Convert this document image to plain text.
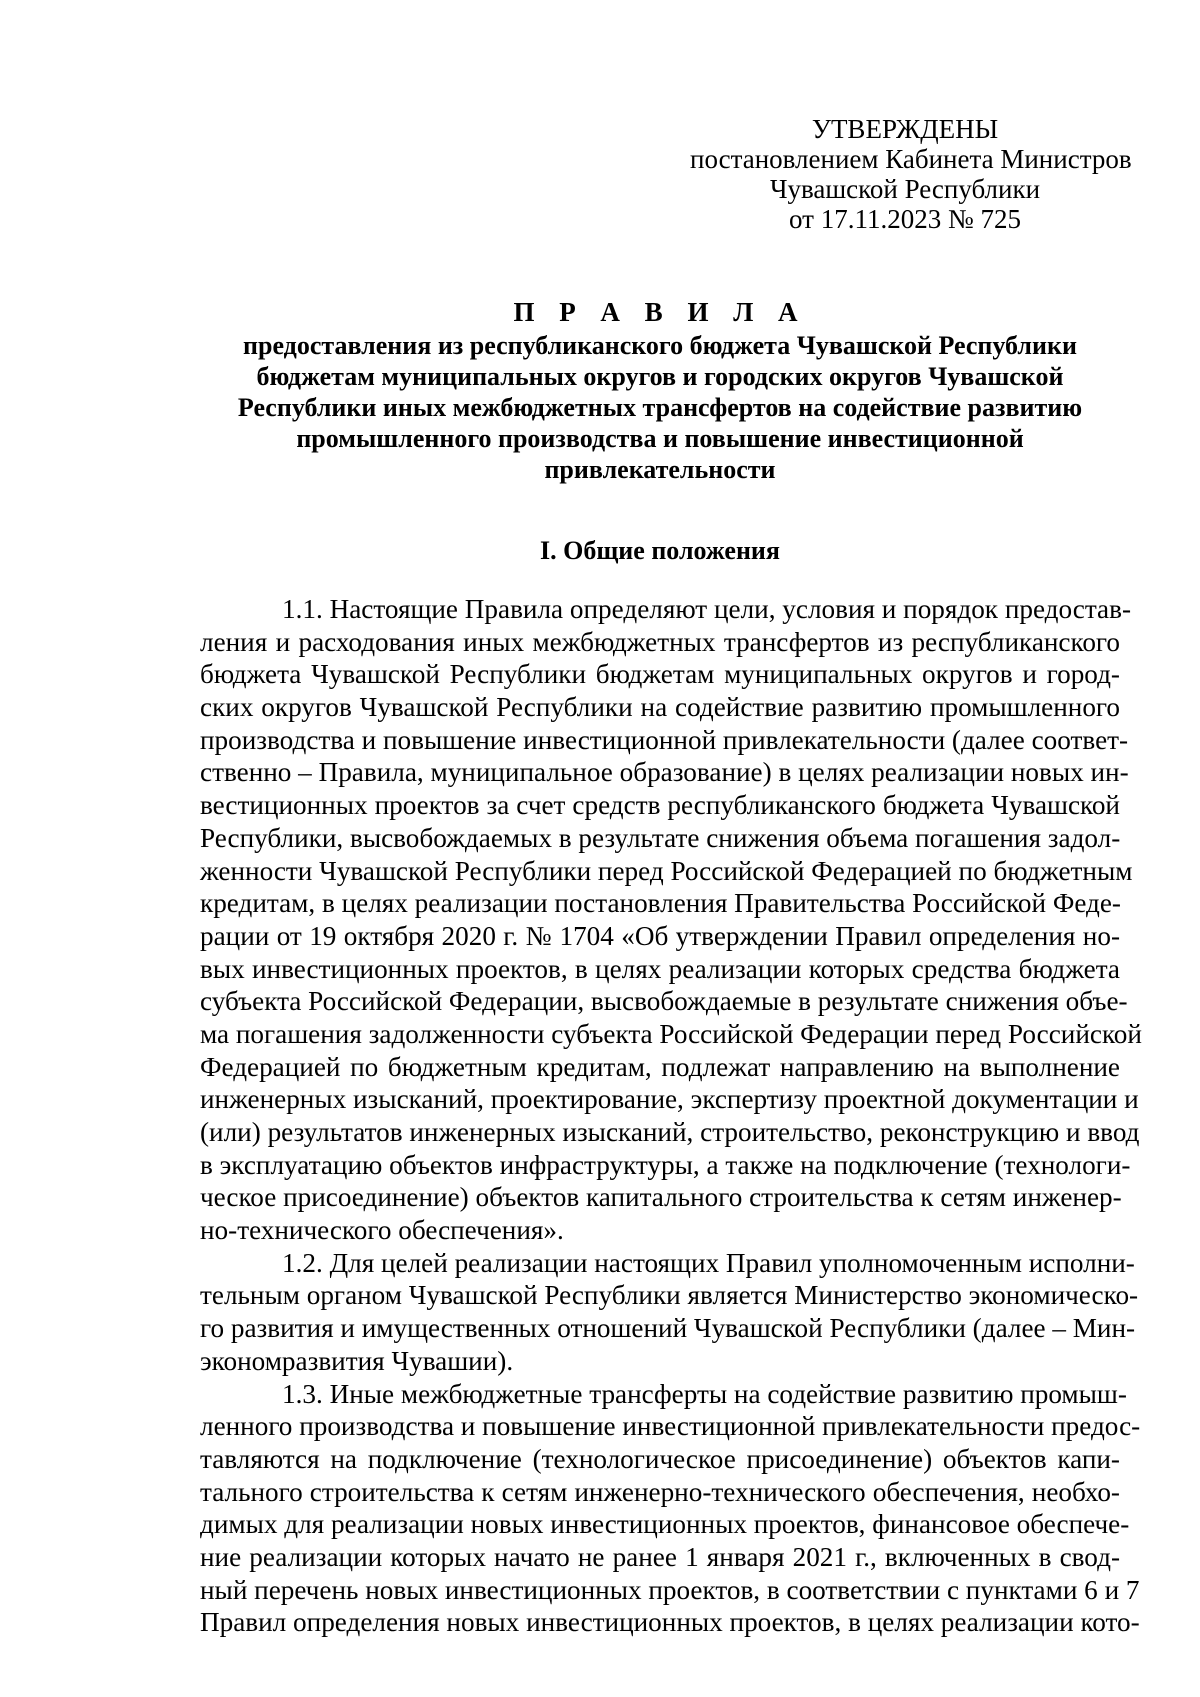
УТВЕРЖДЕНЫ
постановлением Кабинета Министров
Чувашской Республики
от 17.11.2023 № 725
П Р А В И Л А
предоставления из республиканского бюджета Чувашской Республики
бюджетам муниципальных округов и городских округов Чувашской
Республики иных межбюджетных трансфертов на содействие развитию
промышленного производства и повышение инвестиционной
привлекательности
I. Общие положения
1.1. Настоящие Правила определяют цели, условия и порядок предостав-
ления и расходования иных межбюджетных трансфертов из республиканского
бюджета Чувашской Республики бюджетам муниципальных округов и город-
ских округов Чувашской Республики на содействие развитию промышленного
производства и повышение инвестиционной привлекательности (далее соответ-
ственно – Правила, муниципальное образование) в целях реализации новых ин-
вестиционных проектов за счет средств республиканского бюджета Чувашской
Республики, высвобождаемых в результате снижения объема погашения задол-
женности Чувашской Республики перед Российской Федерацией по бюджетным
кредитам, в целях реализации постановления Правительства Российской Феде-
рации от 19 октября 2020 г. № 1704 «Об утверждении Правил определения но-
вых инвестиционных проектов, в целях реализации которых средства бюджета
субъекта Российской Федерации, высвобождаемые в результате снижения объе-
ма погашения задолженности субъекта Российской Федерации перед Российской
Федерацией по бюджетным кредитам, подлежат направлению на выполнение
инженерных изысканий, проектирование, экспертизу проектной документации и
(или) результатов инженерных изысканий, строительство, реконструкцию и ввод
в эксплуатацию объектов инфраструктуры, а также на подключение (технологи-
ческое присоединение) объектов капитального строительства к сетям инженер-
но-технического обеспечения».
1.2. Для целей реализации настоящих Правил уполномоченным исполни-
тельным органом Чувашской Республики является Министерство экономическо-
го развития и имущественных отношений Чувашской Республики (далее – Мин-
экономразвития Чувашии).
1.3. Иные межбюджетные трансферты на содействие развитию промыш-
ленного производства и повышение инвестиционной привлекательности предос-
тавляются на подключение (технологическое присоединение) объектов капи-
тального строительства к сетям инженерно-технического обеспечения, необхо-
димых для реализации новых инвестиционных проектов, финансовое обеспече-
ние реализации которых начато не ранее 1 января 2021 г., включенных в свод-
ный перечень новых инвестиционных проектов, в соответствии с пунктами 6 и 7
Правил определения новых инвестиционных проектов, в целях реализации кото-
